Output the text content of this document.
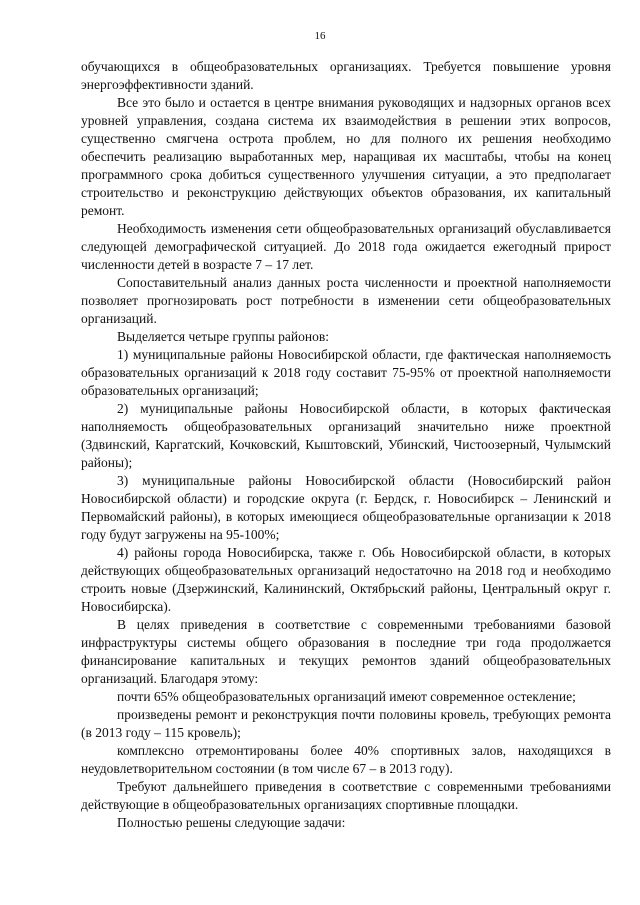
16

обучающихся в общеобразовательных организациях. Требуется повышение уровня энергоэффективности зданий.

Все это было и остается в центре внимания руководящих и надзорных органов всех уровней управления, создана система их взаимодействия в решении этих вопросов, существенно смягчена острота проблем, но для полного их решения необходимо обеспечить реализацию выработанных мер, наращивая их масштабы, чтобы на конец программного срока добиться существенного улучшения ситуации, а это предполагает строительство и реконструкцию действующих объектов образования, их капитальный ремонт.

Необходимость изменения сети общеобразовательных организаций обуславливается следующей демографической ситуацией. До 2018 года ожидается ежегодный прирост численности детей в возрасте 7 – 17 лет.

Сопоставительный анализ данных роста численности и проектной наполняемости позволяет прогнозировать рост потребности в изменении сети общеобразовательных организаций.

Выделяется четыре группы районов:

1) муниципальные районы Новосибирской области, где фактическая наполняемость образовательных организаций к 2018 году составит 75-95% от проектной наполняемости образовательных организаций;

2) муниципальные районы Новосибирской области, в которых фактическая наполняемость общеобразовательных организаций значительно ниже проектной (Здвинский, Каргатский, Кочковский, Кыштовский, Убинский, Чистоозерный, Чулымский районы);

3) муниципальные районы Новосибирской области (Новосибирский район Новосибирской области) и городские округа (г. Бердск, г. Новосибирск – Ленинский и Первомайский районы), в которых имеющиеся общеобразовательные организации к 2018 году будут загружены на 95-100%;

4) районы города Новосибирска, также г. Обь Новосибирской области, в которых действующих общеобразовательных организаций недостаточно на 2018 год и необходимо строить новые (Дзержинский, Калининский, Октябрьский районы, Центральный округ г. Новосибирска).

В целях приведения в соответствие с современными требованиями базовой инфраструктуры системы общего образования в последние три года продолжается финансирование капитальных и текущих ремонтов зданий общеобразовательных организаций. Благодаря этому:

почти 65% общеобразовательных организаций имеют современное остекление;

произведены ремонт и реконструкция почти половины кровель, требующих ремонта (в 2013 году – 115 кровель);

комплексно отремонтированы более 40% спортивных залов, находящихся в неудовлетворительном состоянии (в том числе 67 – в 2013 году).

Требуют дальнейшего приведения в соответствие с современными требованиями действующие в общеобразовательных организациях спортивные площадки.

Полностью решены следующие задачи:
